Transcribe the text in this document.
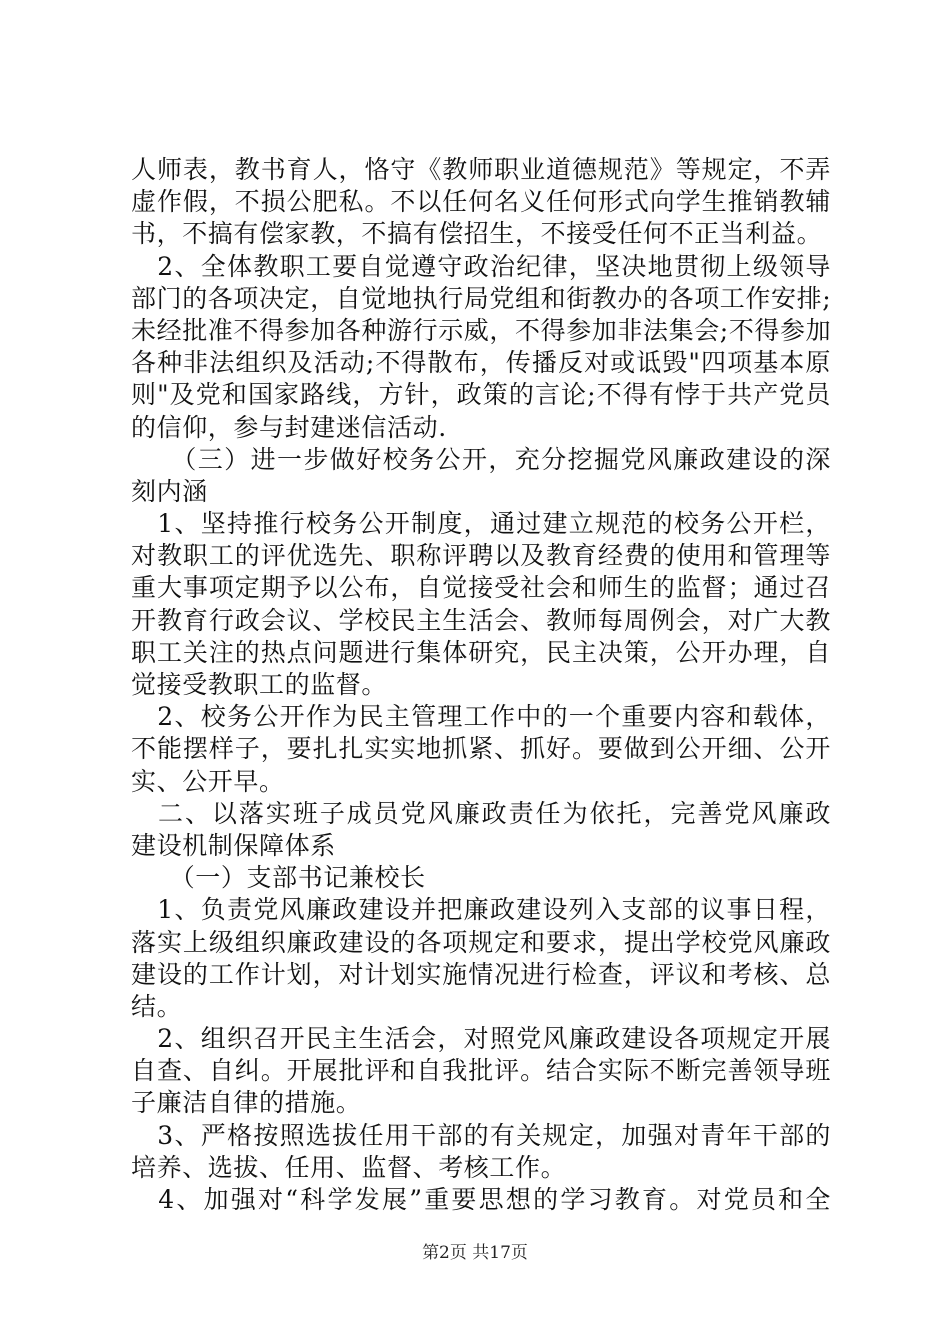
人师表，教书育人，恪守《教师职业道德规范》等规定，不弄
虚作假，不损公肥私。不以任何名义任何形式向学生推销教辅
书，不搞有偿家教，不搞有偿招生，不接受任何不正当利益。
　2、全体教职工要自觉遵守政治纪律，坚决地贯彻上级领导
部门的各项决定，自觉地执行局党组和街教办的各项工作安排;
未经批准不得参加各种游行示威，不得参加非法集会;不得参加
各种非法组织及活动;不得散布，传播反对或诋毁"四项基本原
则"及党和国家路线，方针，政策的言论;不得有悖于共产党员
的信仰，参与封建迷信活动.
　　（三）进一步做好校务公开，充分挖掘党风廉政建设的深
刻内涵
　1、坚持推行校务公开制度，通过建立规范的校务公开栏，
对教职工的评优选先、职称评聘以及教育经费的使用和管理等
重大事项定期予以公布，自觉接受社会和师生的监督；通过召
开教育行政会议、学校民主生活会、教师每周例会，对广大教
职工关注的热点问题进行集体研究，民主决策，公开办理，自
觉接受教职工的监督。
　2、校务公开作为民主管理工作中的一个重要内容和载体，
不能摆样子，要扎扎实实地抓紧、抓好。要做到公开细、公开
实、公开早。
　二、以落实班子成员党风廉政责任为依托，完善党风廉政
建设机制保障体系
　　（一）支部书记兼校长
　1、负责党风廉政建设并把廉政建设列入支部的议事日程，
落实上级组织廉政建设的各项规定和要求，提出学校党风廉政
建设的工作计划，对计划实施情况进行检查，评议和考核、总
结。
　2、组织召开民主生活会，对照党风廉政建设各项规定开展
自查、自纠。开展批评和自我批评。结合实际不断完善领导班
子廉洁自律的措施。
　3、严格按照选拔任用干部的有关规定，加强对青年干部的
培养、选拔、任用、监督、考核工作。
　4、加强对“科学发展”重要思想的学习教育。对党员和全
第2页 共17页
